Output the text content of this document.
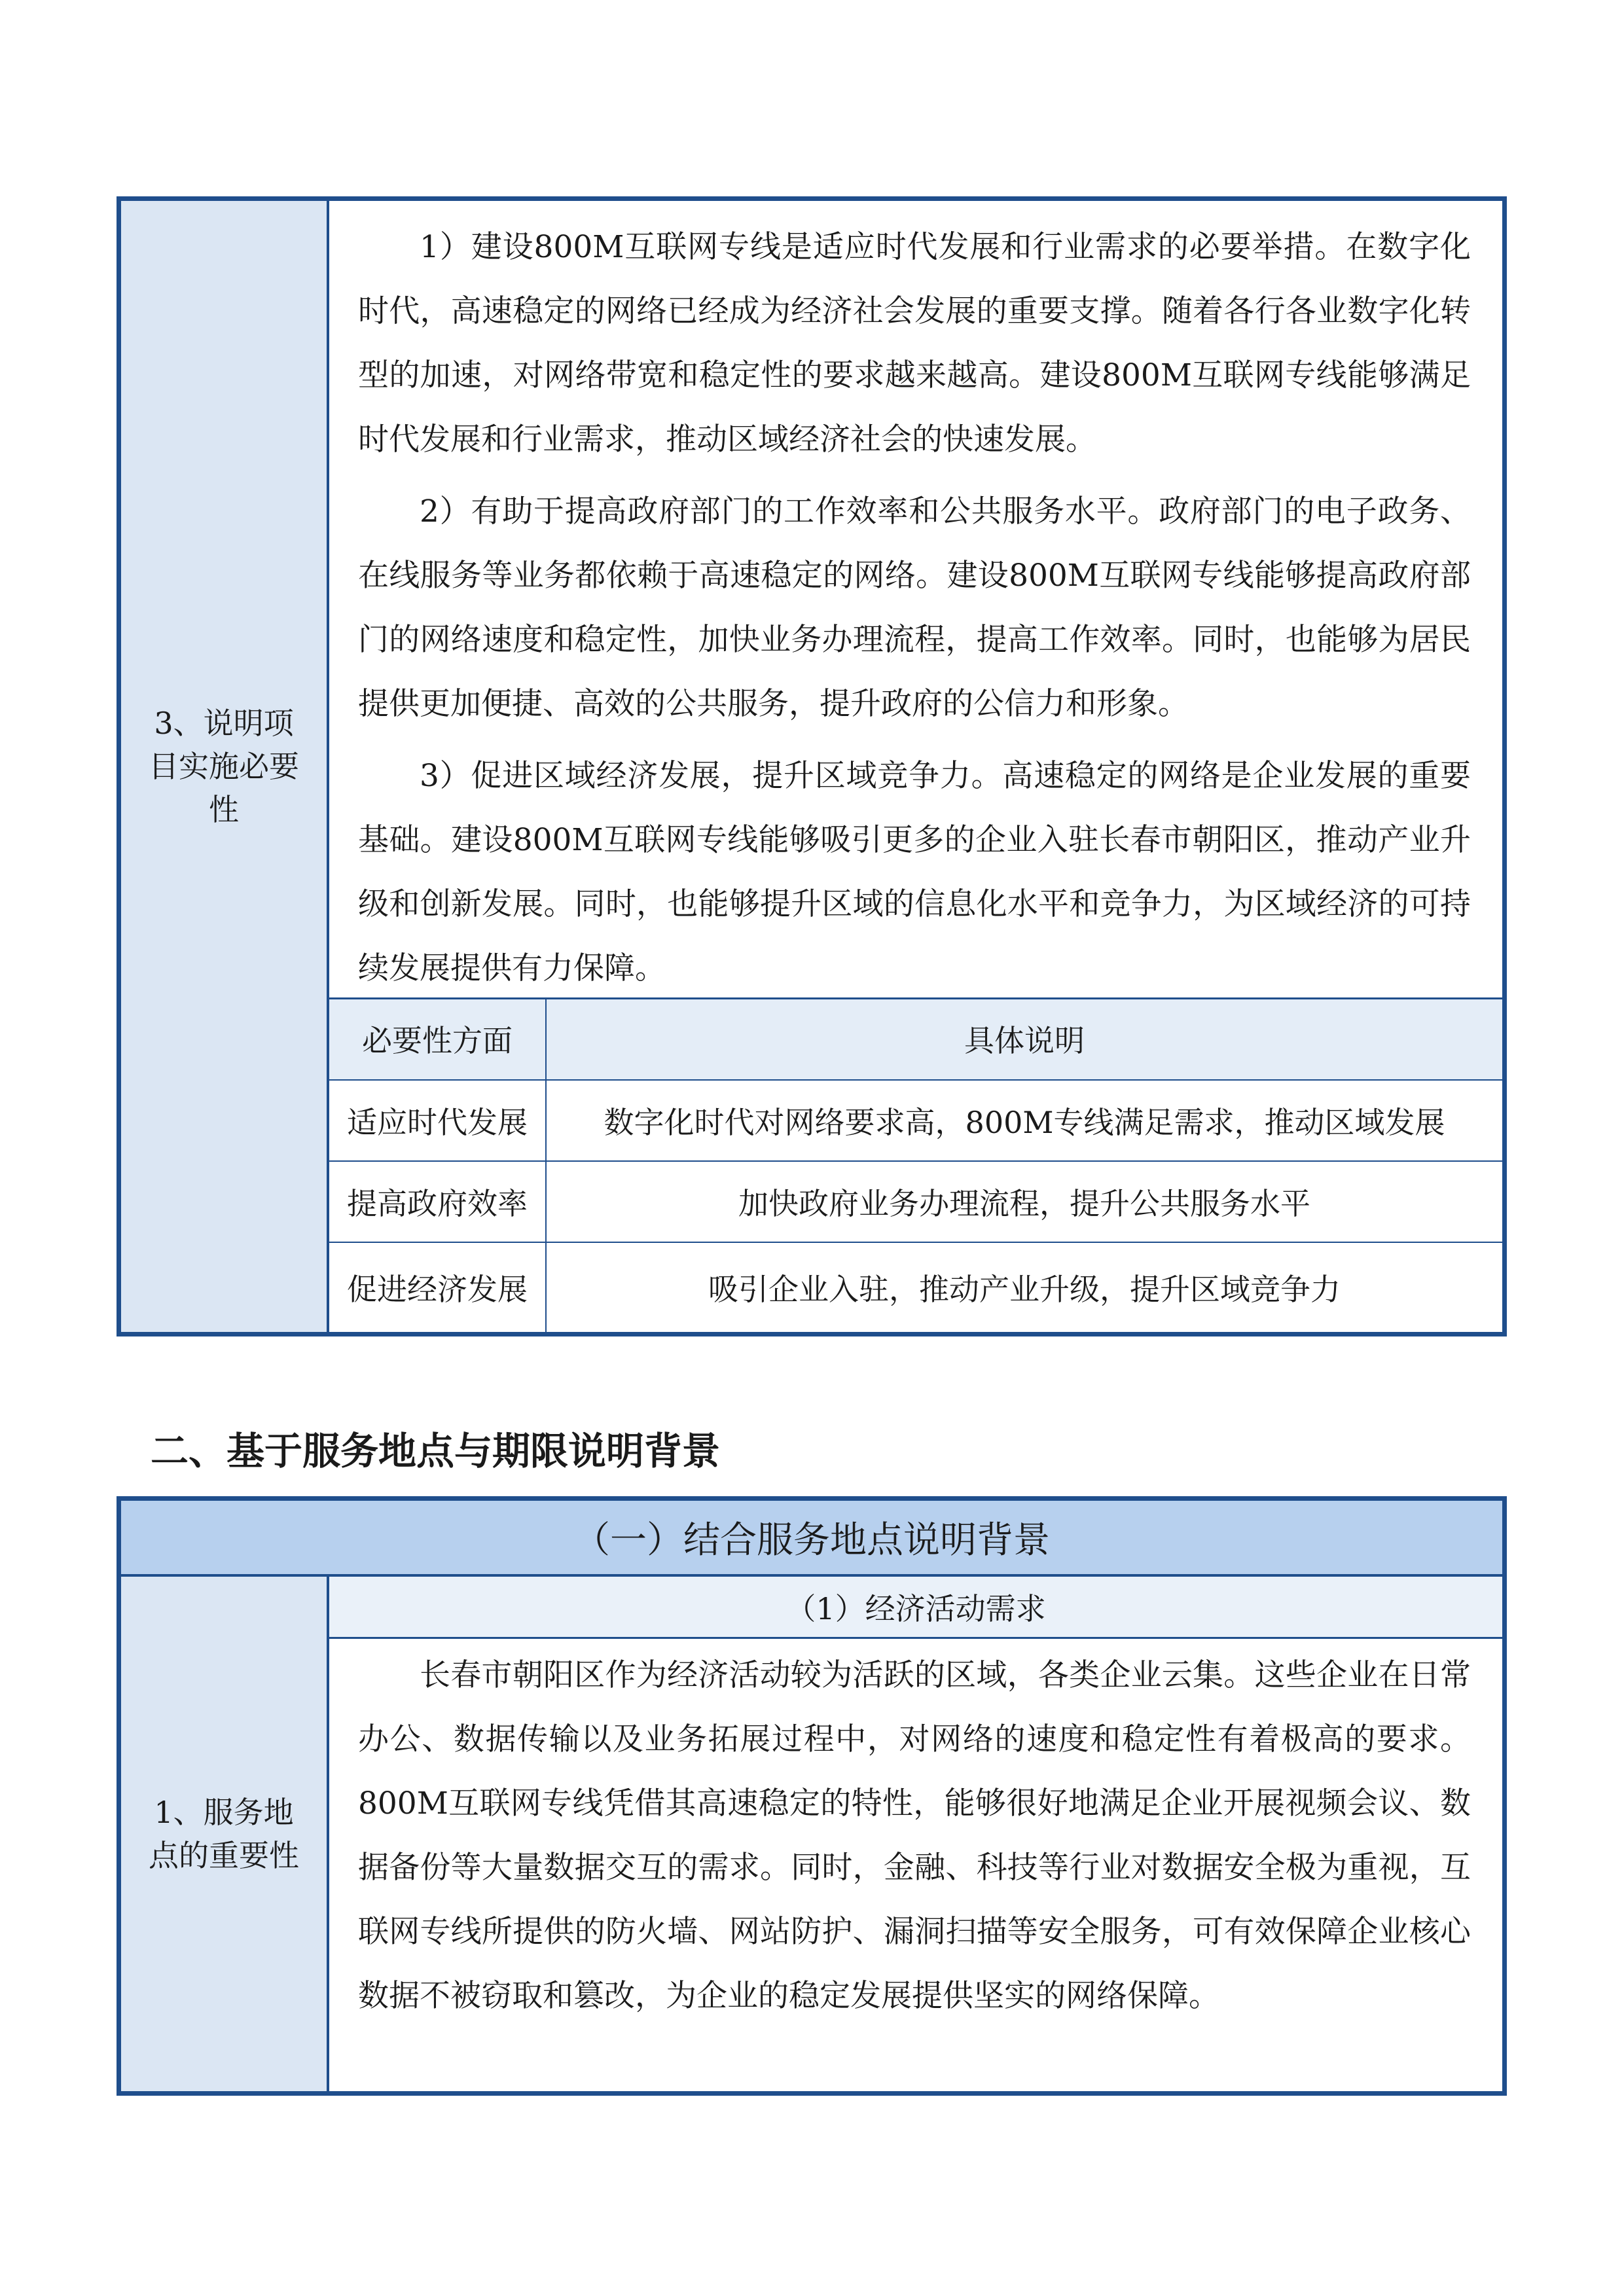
3、说明项目实施必要性

1）建设800M互联网专线是适应时代发展和行业需求的必要举措。在数字化时代，高速稳定的网络已经成为经济社会发展的重要支撑。随着各行各业数字化转型的加速，对网络带宽和稳定性的要求越来越高。建设800M互联网专线能够满足时代发展和行业需求，推动区域经济社会的快速发展。

2）有助于提高政府部门的工作效率和公共服务水平。政府部门的电子政务、在线服务等业务都依赖于高速稳定的网络。建设800M互联网专线能够提高政府部门的网络速度和稳定性，加快业务办理流程，提高工作效率。同时，也能够为居民提供更加便捷、高效的公共服务，提升政府的公信力和形象。

3）促进区域经济发展，提升区域竞争力。高速稳定的网络是企业发展的重要基础。建设800M互联网专线能够吸引更多的企业入驻长春市朝阳区，推动产业升级和创新发展。同时，也能够提升区域的信息化水平和竞争力，为区域经济的可持续发展提供有力保障。

必要性方面	具体说明
适应时代发展	数字化时代对网络要求高，800M专线满足需求，推动区域发展
提高政府效率	加快政府业务办理流程，提升公共服务水平
促进经济发展	吸引企业入驻，推动产业升级，提升区域竞争力
二、基于服务地点与期限说明背景
（一）结合服务地点说明背景
1、服务地点的重要性
（1）经济活动需求

长春市朝阳区作为经济活动较为活跃的区域，各类企业云集。这些企业在日常办公、数据传输以及业务拓展过程中，对网络的速度和稳定性有着极高的要求。800M互联网专线凭借其高速稳定的特性，能够很好地满足企业开展视频会议、数据备份等大量数据交互的需求。同时，金融、科技等行业对数据安全极为重视，互联网专线所提供的防火墙、网站防护、漏洞扫描等安全服务，可有效保障企业核心数据不被窃取和篡改，为企业的稳定发展提供坚实的网络保障。
